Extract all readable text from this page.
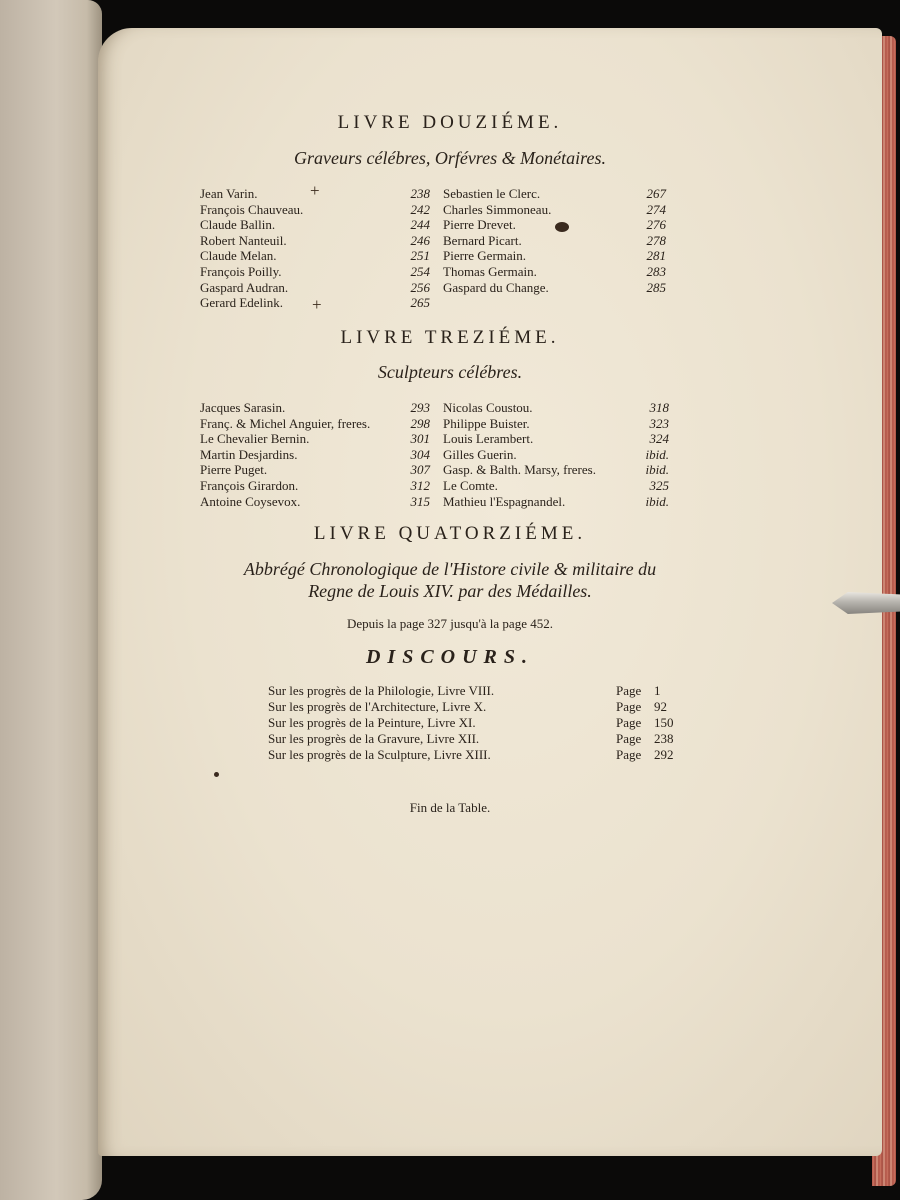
LIVRE DOUZIÉME.
Graveurs célébres, Orfévres & Monétaires.
Jean Varin.	238
François Chauveau.	242
Claude Ballin.	244
Robert Nanteuil.	246
Claude Melan.	251
François Poilly.	254
Gaspard Audran.	256
Gerard Edelink.	265
Sebastien le Clerc.	267
Charles Simmoneau.	274
Pierre Drevet.	276
Bernard Picart.	278
Pierre Germain.	281
Thomas Germain.	283
Gaspard du Change.	285
+
+
LIVRE TREZIÉME.
Sculpteurs célébres.
Jacques Sarasin.	293
Franç. & Michel Anguier, freres.	298
Le Chevalier Bernin.	301
Martin Desjardins.	304
Pierre Puget.	307
François Girardon.	312
Antoine Coysevox.	315
Nicolas Coustou.	318
Philippe Buister.	323
Louis Lerambert.	324
Gilles Guerin.	ibid.
Gasp. & Balth. Marsy, freres.	ibid.
Le Comte.	325
Mathieu l'Espagnandel.	ibid.
LIVRE QUATORZIÉME.
Abbrégé Chronologique de l'Histore civile & militaire du
Regne de Louis XIV. par des Médailles.
Depuis la page 327 jusqu'à la page 452.
DISCOURS.
Sur les progrès de la Philologie, Livre VIII.	Page 1
Sur les progrès de l'Architecture, Livre X.	Page 92
Sur les progrès de la Peinture, Livre XI.	Page 150
Sur les progrès de la Gravure, Livre XII.	Page 238
Sur les progrès de la Sculpture, Livre XIII.	Page 292
Fin de la Table.
